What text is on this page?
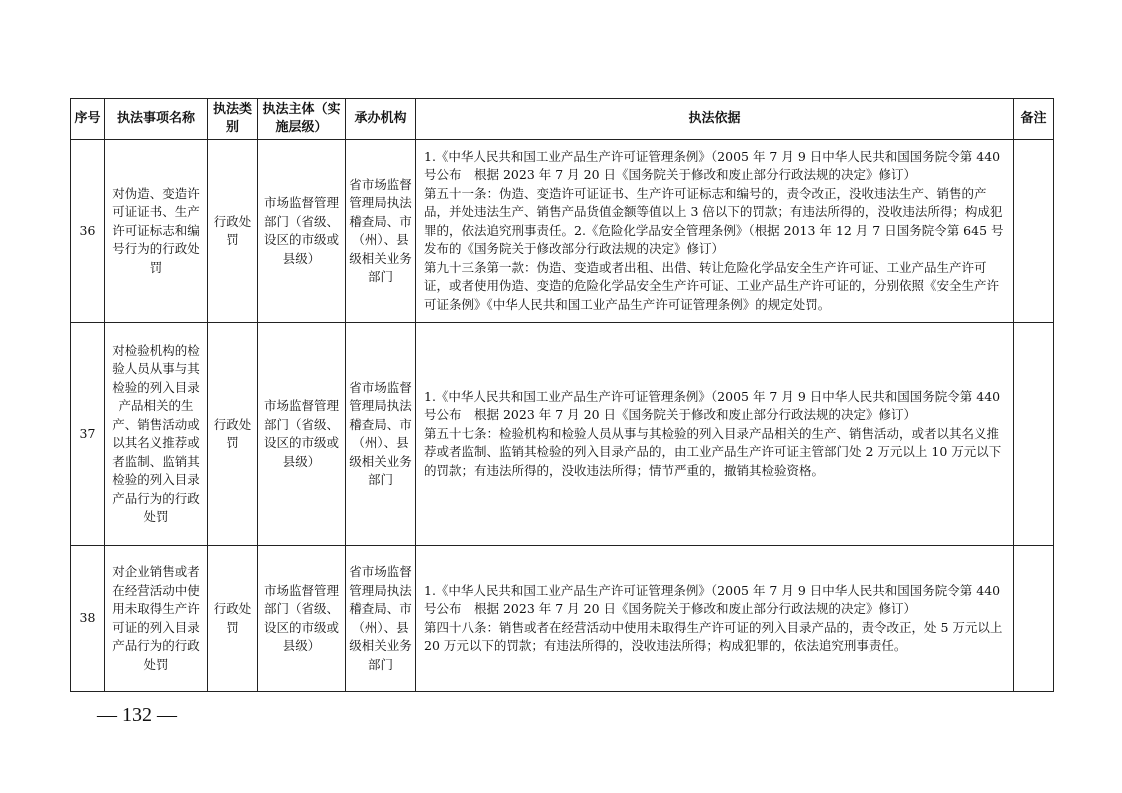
序号	执法事项名称	执法类别	执法主体（实施层级）	承办机构	执法依据	备注
36	对伪造、变造许可证证书、生产许可证标志和编号行为的行政处罚	行政处罚	市场监督管理部门（省级、设区的市级或县级）	省市场监督管理局执法稽查局、市（州）、县级相关业务部门	1.《中华人民共和国工业产品生产许可证管理条例》（2005 年 7 月 9 日中华人民共和国国务院令第 440 号公布　根据 2023 年 7 月 20 日《国务院关于修改和废止部分行政法规的决定》修订）
第五十一条：伪造、变造许可证证书、生产许可证标志和编号的，责令改正，没收违法生产、销售的产品，并处违法生产、销售产品货值金额等值以上 3 倍以下的罚款；有违法所得的，没收违法所得；构成犯罪的，依法追究刑事责任。2.《危险化学品安全管理条例》（根据 2013 年 12 月 7 日国务院令第 645 号发布的《国务院关于修改部分行政法规的决定》修订）
第九十三条第一款：伪造、变造或者出租、出借、转让危险化学品安全生产许可证、工业产品生产许可证，或者使用伪造、变造的危险化学品安全生产许可证、工业产品生产许可证的，分别依照《安全生产许可证条例》《中华人民共和国工业产品生产许可证管理条例》的规定处罚。	
37	对检验机构的检验人员从事与其检验的列入目录产品相关的生产、销售活动或以其名义推荐或者监制、监销其检验的列入目录产品行为的行政处罚	行政处罚	市场监督管理部门（省级、设区的市级或县级）	省市场监督管理局执法稽查局、市（州）、县级相关业务部门	1.《中华人民共和国工业产品生产许可证管理条例》（2005 年 7 月 9 日中华人民共和国国务院令第 440 号公布　根据 2023 年 7 月 20 日《国务院关于修改和废止部分行政法规的决定》修订）
第五十七条：检验机构和检验人员从事与其检验的列入目录产品相关的生产、销售活动，或者以其名义推荐或者监制、监销其检验的列入目录产品的，由工业产品生产许可证主管部门处 2 万元以上 10 万元以下的罚款；有违法所得的，没收违法所得；情节严重的，撤销其检验资格。	
38	对企业销售或者在经营活动中使用未取得生产许可证的列入目录产品行为的行政处罚	行政处罚	市场监督管理部门（省级、设区的市级或县级）	省市场监督管理局执法稽查局、市（州）、县级相关业务部门	1.《中华人民共和国工业产品生产许可证管理条例》（2005 年 7 月 9 日中华人民共和国国务院令第 440 号公布　根据 2023 年 7 月 20 日《国务院关于修改和废止部分行政法规的决定》修订）
第四十八条：销售或者在经营活动中使用未取得生产许可证的列入目录产品的，责令改正，处 5 万元以上 20 万元以下的罚款；有违法所得的，没收违法所得；构成犯罪的，依法追究刑事责任。	
— 132 —
